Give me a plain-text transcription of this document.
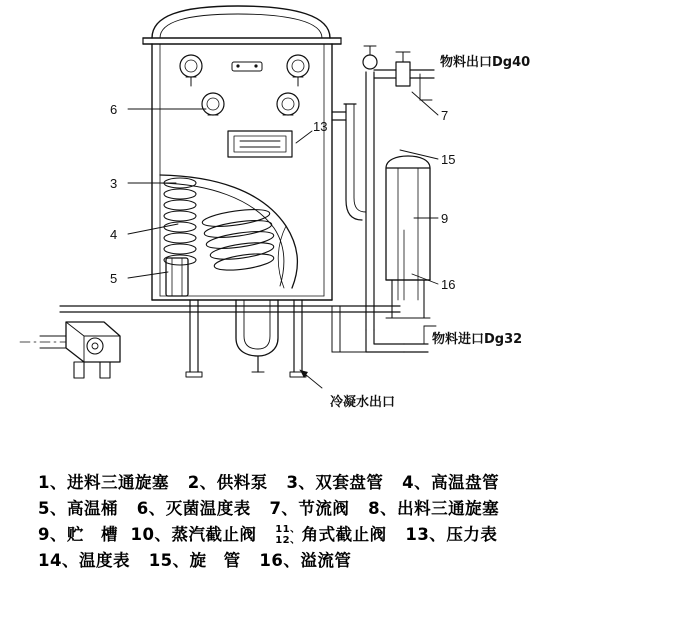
6
13
3
4
5
7
15
9
16
物料出口Dg40
物料进口Dg32
冷凝水出口
1、进料三通旋塞 2、供料泵 3、双套盘管 4、高温盘管
5、高温桶 6、灭菌温度表 7、节流阀 8、出料三通旋塞
9、贮　槽 10、蒸汽截止阀 11、
12、 角式截止阀 13、压力表
14、温度表 15、旋　管 16、溢流管
